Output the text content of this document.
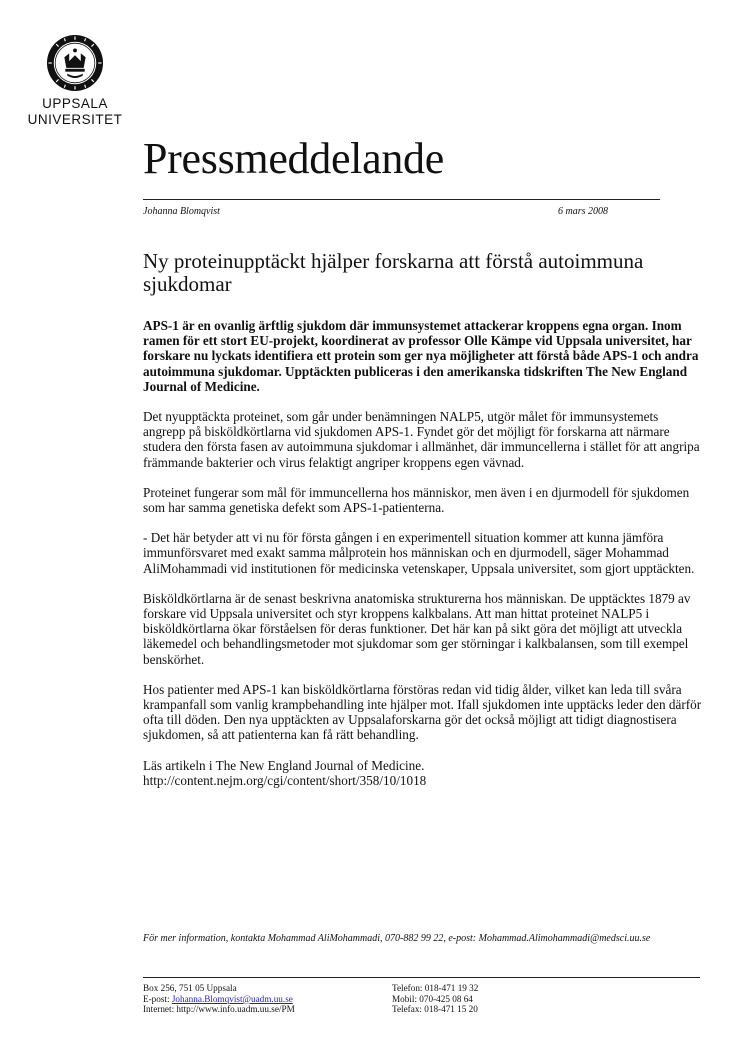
UPPSALA
UNIVERSITET
Pressmeddelande
Johanna Blomqvist	6 mars 2008
Ny proteinupptäckt hjälper forskarna att förstå autoimmuna sjukdomar

APS-1 är en ovanlig ärftlig sjukdom där immunsystemet attackerar kroppens egna organ. Inom ramen för ett stort EU-projekt, koordinerat av professor Olle Kämpe vid Uppsala universitet, har forskare nu lyckats identifiera ett protein som ger nya möjligheter att förstå både APS-1 och andra autoimmuna sjukdomar. Upptäckten publiceras i den amerikanska tidskriften The New England Journal of Medicine.

Det nyupptäckta proteinet, som går under benämningen NALP5, utgör målet för immunsystemets angrepp på bisköldkörtlarna vid sjukdomen APS-1. Fyndet gör det möjligt för forskarna att närmare studera den första fasen av autoimmuna sjukdomar i allmänhet, där immuncellerna i stället för att angripa främmande bakterier och virus felaktigt angriper kroppens egen vävnad.

Proteinet fungerar som mål för immuncellerna hos människor, men även i en djurmodell för sjukdomen som har samma genetiska defekt som APS-1-patienterna.

- Det här betyder att vi nu för första gången i en experimentell situation kommer att kunna jämföra immunförsvaret med exakt samma målprotein hos människan och en djurmodell, säger Mohammad AliMohammadi vid institutionen för medicinska vetenskaper, Uppsala universitet, som gjort upptäckten.

Bisköldkörtlarna är de senast beskrivna anatomiska strukturerna hos människan. De upptäcktes 1879 av forskare vid Uppsala universitet och styr kroppens kalkbalans. Att man hittat proteinet NALP5 i bisköldkörtlarna ökar förståelsen för deras funktioner. Det här kan på sikt göra det möjligt att utveckla läkemedel och behandlingsmetoder mot sjukdomar som ger störningar i kalkbalansen, som till exempel benskörhet.

Hos patienter med APS-1 kan bisköldkörtlarna förstöras redan vid tidig ålder, vilket kan leda till svåra krampanfall som vanlig krampbehandling inte hjälper mot. Ifall sjukdomen inte upptäcks leder den därför ofta till döden. Den nya upptäckten av Uppsalaforskarna gör det också möjligt att tidigt diagnostisera sjukdomen, så att patienterna kan få rätt behandling.

Läs artikeln i The New England Journal of Medicine.
http://content.nejm.org/cgi/content/short/358/10/1018

För mer information, kontakta Mohammad AliMohammadi, 070-882 99 22, e-post: Mohammad.Alimohammadi@medsci.uu.se
Box 256, 751 05 Uppsala
E-post: Johanna.Blomqvist@uadm.uu.se
Internet: http://www.info.uadm.uu.se/PM
Telefon: 018-471 19 32
Mobil: 070-425 08 64
Telefax: 018-471 15 20
